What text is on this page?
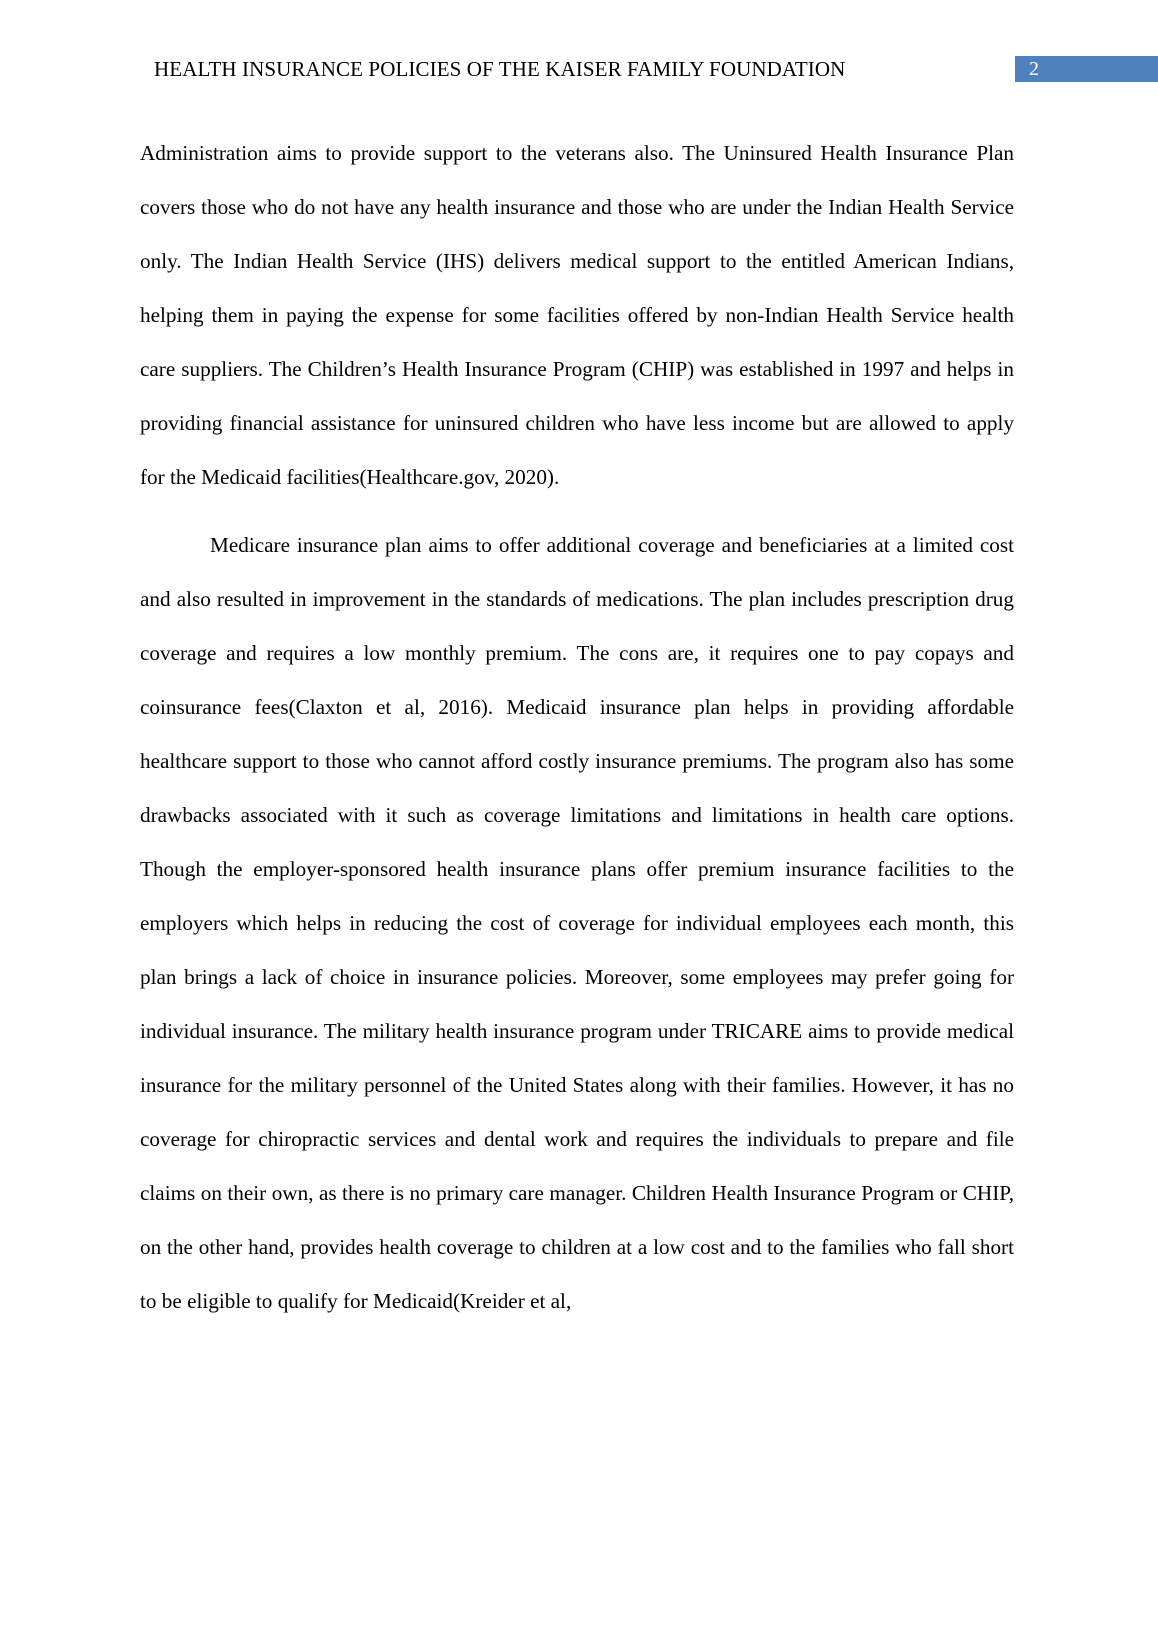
HEALTH INSURANCE POLICIES OF THE KAISER FAMILY FOUNDATION	2

Administration aims to provide support to the veterans also. The Uninsured Health Insurance Plan covers those who do not have any health insurance and those who are under the Indian Health Service only. The Indian Health Service (IHS) delivers medical support to the entitled American Indians, helping them in paying the expense for some facilities offered by non-Indian Health Service health care suppliers. The Children’s Health Insurance Program (CHIP) was established in 1997 and helps in providing financial assistance for uninsured children who have less income but are allowed to apply for the Medicaid facilities(Healthcare.gov, 2020).

Medicare insurance plan aims to offer additional coverage and beneficiaries at a limited cost and also resulted in improvement in the standards of medications. The plan includes prescription drug coverage and requires a low monthly premium. The cons are, it requires one to pay copays and coinsurance fees(Claxton et al, 2016). Medicaid insurance plan helps in providing affordable healthcare support to those who cannot afford costly insurance premiums. The program also has some drawbacks associated with it such as coverage limitations and limitations in health care options. Though the employer-sponsored health insurance plans offer premium insurance facilities to the employers which helps in reducing the cost of coverage for individual employees each month, this plan brings a lack of choice in insurance policies. Moreover, some employees may prefer going for individual insurance. The military health insurance program under TRICARE aims to provide medical insurance for the military personnel of the United States along with their families. However, it has no coverage for chiropractic services and dental work and requires the individuals to prepare and file claims on their own, as there is no primary care manager. Children Health Insurance Program or CHIP, on the other hand, provides health coverage to children at a low cost and to the families who fall short to be eligible to qualify for Medicaid(Kreider et al,
